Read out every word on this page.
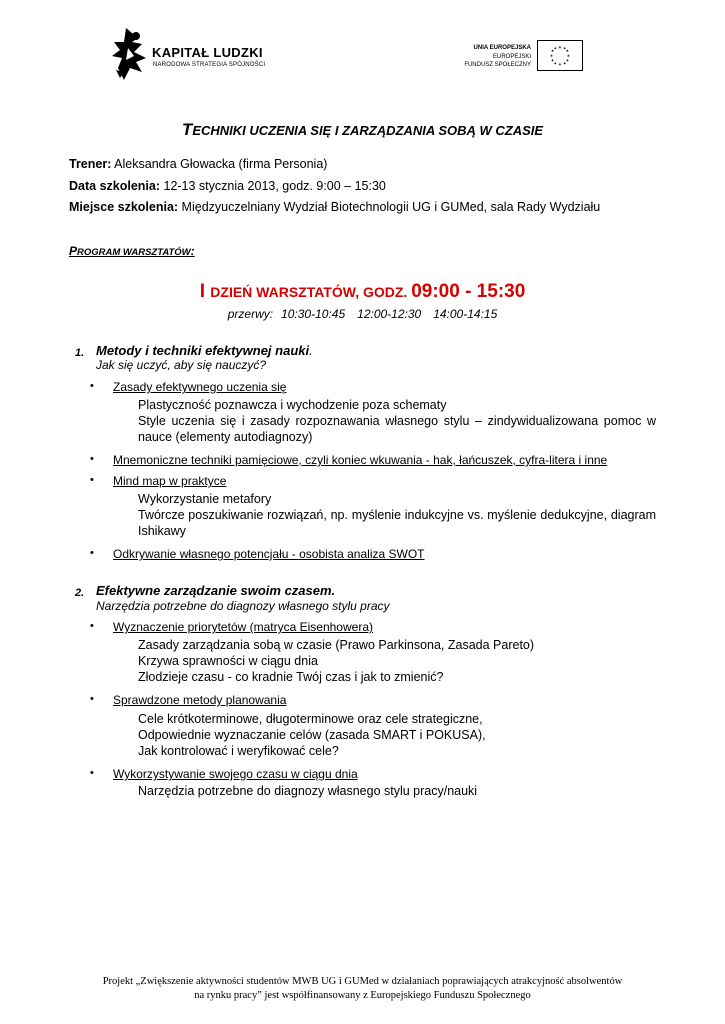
KAPITAŁ LUDZKI
NARODOWA STRATEGIA SPÓJNOŚCI
UNIA EUROPEJSKA
EUROPEJSKI
FUNDUSZ SPOŁECZNY
★ ★
★
★
★
★
★
★
★
★
★
★
TECHNIKI UCZENIA SIĘ I ZARZĄDZANIA SOBĄ W CZASIE
Trener: Aleksandra Głowacka (firma Personia)
Data szkolenia: 12-13 stycznia 2013, godz. 9:00 – 15:30
Miejsce szkolenia: Międzyuczelniany Wydział Biotechnologii UG i GUMed, sala Rady Wydziału
PROGRAM WARSZTATÓW:
I DZIEŃ WARSZTATÓW, GODZ. 09:00 - 15:30
przerwy: 10:30-10:45 12:00-12:30 14:00-14:15
1. Metody i techniki efektywnej nauki.
Jak się uczyć, aby się nauczyć?
• Zasady efektywnego uczenia się
Plastyczność poznawcza i wychodzenie poza schematy
Style uczenia się i zasady rozpoznawania własnego stylu – zindywidualizowana pomoc w nauce (elementy autodiagnozy)
• Mnemoniczne techniki pamięciowe, czyli koniec wkuwania - hak, łańcuszek, cyfra-litera i inne
• Mind map w praktyce
Wykorzystanie metafory
Twórcze poszukiwanie rozwiązań, np. myślenie indukcyjne vs. myślenie dedukcyjne, diagram Ishikawy
• Odkrywanie własnego potencjału - osobista analiza SWOT
2. Efektywne zarządzanie swoim czasem.
Narzędzia potrzebne do diagnozy własnego stylu pracy
• Wyznaczenie priorytetów (matryca Eisenhowera)
Zasady zarządzania sobą w czasie (Prawo Parkinsona, Zasada Pareto)
Krzywa sprawności w ciągu dnia
Złodzieje czasu - co kradnie Twój czas i jak to zmienić?
• Sprawdzone metody planowania
Cele krótkoterminowe, długoterminowe oraz cele strategiczne,
Odpowiednie wyznaczanie celów (zasada SMART i POKUSA),
Jak kontrolować i weryfikować cele?
• Wykorzystywanie swojego czasu w ciągu dnia
Narzędzia potrzebne do diagnozy własnego stylu pracy/nauki
Projekt „Zwiększenie aktywności studentów MWB UG i GUMed w działaniach poprawiających atrakcyjność absolwentów
na rynku pracy” jest współfinansowany z Europejskiego Funduszu Społecznego
